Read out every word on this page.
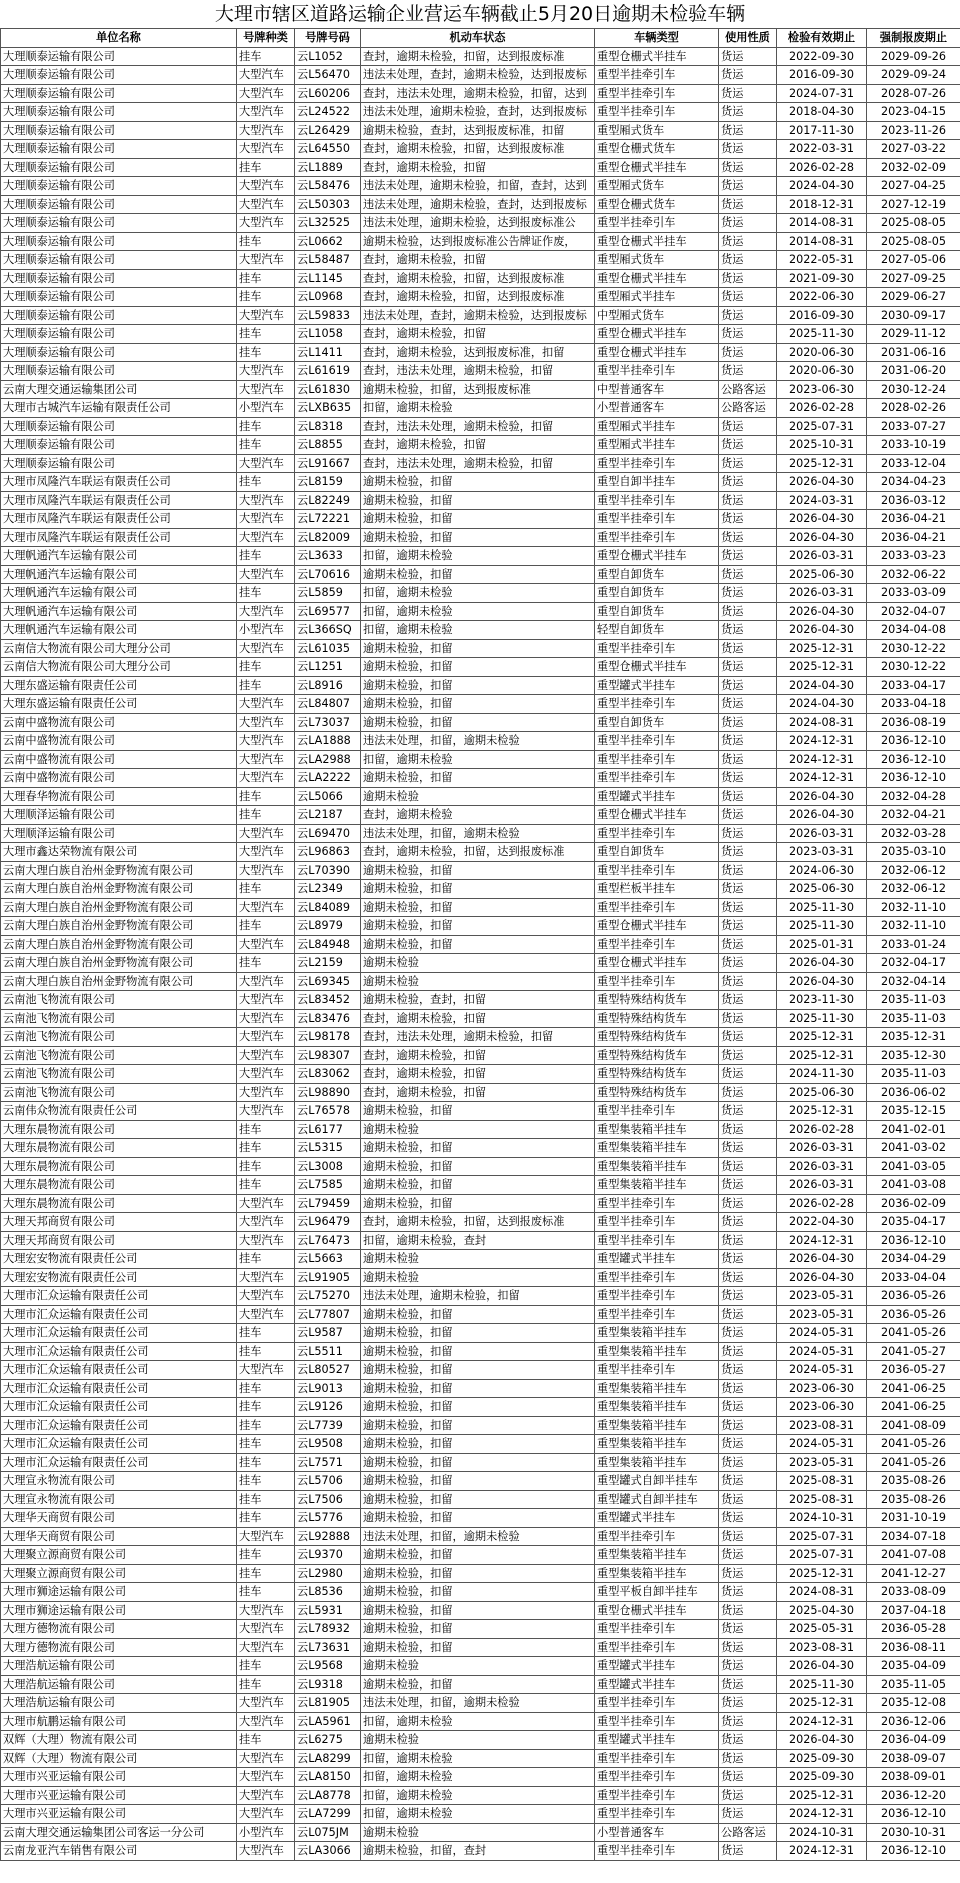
大理市辖区道路运输企业营运车辆截止5月20日逾期未检验车辆
单位名称	号牌种类	号牌号码	机动车状态	车辆类型	使用性质	检验有效期止	强制报废期止
大理顺泰运输有限公司	挂车	云L1052	查封，逾期未检验，扣留，达到报废标准	重型仓栅式半挂车	货运	2022-09-30	2029-09-26
大理顺泰运输有限公司	大型汽车	云L56470	违法未处理，查封，逾期未检验，达到报废标	重型半挂牵引车	货运	2016-09-30	2029-09-24
大理顺泰运输有限公司	大型汽车	云L60206	查封，违法未处理，逾期未检验，扣留，达到	重型半挂牵引车	货运	2024-07-31	2028-07-26
大理顺泰运输有限公司	大型汽车	云L24522	违法未处理，逾期未检验，查封，达到报废标	重型半挂牵引车	货运	2018-04-30	2023-04-15
大理顺泰运输有限公司	大型汽车	云L26429	逾期未检验，查封，达到报废标准，扣留	重型厢式货车	货运	2017-11-30	2023-11-26
大理顺泰运输有限公司	大型汽车	云L64550	查封，逾期未检验，扣留，达到报废标准	重型仓栅式货车	货运	2022-03-31	2027-03-22
大理顺泰运输有限公司	挂车	云L1889	查封，逾期未检验，扣留	重型仓栅式半挂车	货运	2026-02-28	2032-02-09
大理顺泰运输有限公司	大型汽车	云L58476	违法未处理，逾期未检验，扣留，查封，达到	重型厢式货车	货运	2024-04-30	2027-04-25
大理顺泰运输有限公司	大型汽车	云L50303	违法未处理，逾期未检验，查封，达到报废标	重型仓栅式货车	货运	2018-12-31	2027-12-19
大理顺泰运输有限公司	大型汽车	云L32525	违法未处理，逾期未检验，达到报废标准公	重型半挂牵引车	货运	2014-08-31	2025-08-05
大理顺泰运输有限公司	挂车	云L0662	逾期未检验，达到报废标准公告牌证作废，	重型仓栅式半挂车	货运	2014-08-31	2025-08-05
大理顺泰运输有限公司	大型汽车	云L58487	查封，逾期未检验，扣留	重型厢式货车	货运	2022-05-31	2027-05-06
大理顺泰运输有限公司	挂车	云L1145	查封，逾期未检验，扣留，达到报废标准	重型仓栅式半挂车	货运	2021-09-30	2027-09-25
大理顺泰运输有限公司	挂车	云L0968	查封，逾期未检验，扣留，达到报废标准	重型厢式半挂车	货运	2022-06-30	2029-06-27
大理顺泰运输有限公司	大型汽车	云L59833	违法未处理，查封，逾期未检验，达到报废标	中型厢式货车	货运	2016-09-30	2030-09-17
大理顺泰运输有限公司	挂车	云L1058	查封，逾期未检验，扣留	重型仓栅式半挂车	货运	2025-11-30	2029-11-12
大理顺泰运输有限公司	挂车	云L1411	查封，逾期未检验，达到报废标准，扣留	重型仓栅式半挂车	货运	2020-06-30	2031-06-16
大理顺泰运输有限公司	大型汽车	云L61619	查封，违法未处理，逾期未检验，扣留	重型半挂牵引车	货运	2020-06-30	2031-06-20
云南大理交通运输集团公司	大型汽车	云L61830	逾期未检验，扣留，达到报废标准	中型普通客车	公路客运	2023-06-30	2030-12-24
大理市古城汽车运输有限责任公司	小型汽车	云LXB635	扣留，逾期未检验	小型普通客车	公路客运	2026-02-28	2028-02-26
大理顺泰运输有限公司	挂车	云L8318	查封，违法未处理，逾期未检验，扣留	重型厢式半挂车	货运	2025-07-31	2033-07-27
大理顺泰运输有限公司	挂车	云L8855	查封，逾期未检验，扣留	重型厢式半挂车	货运	2025-10-31	2033-10-19
大理顺泰运输有限公司	大型汽车	云L91667	查封，违法未处理，逾期未检验，扣留	重型半挂牵引车	货运	2025-12-31	2033-12-04
大理市凤隆汽车联运有限责任公司	挂车	云L8159	逾期未检验，扣留	重型自卸半挂车	货运	2026-04-30	2034-04-23
大理市凤隆汽车联运有限责任公司	大型汽车	云L82249	逾期未检验，扣留	重型半挂牵引车	货运	2024-03-31	2036-03-12
大理市凤隆汽车联运有限责任公司	大型汽车	云L72221	逾期未检验，扣留	重型半挂牵引车	货运	2026-04-30	2036-04-21
大理市凤隆汽车联运有限责任公司	大型汽车	云L82009	逾期未检验，扣留	重型半挂牵引车	货运	2026-04-30	2036-04-21
大理帆通汽车运输有限公司	挂车	云L3633	扣留，逾期未检验	重型仓栅式半挂车	货运	2026-03-31	2033-03-23
大理帆通汽车运输有限公司	大型汽车	云L70616	逾期未检验，扣留	重型自卸货车	货运	2025-06-30	2032-06-22
大理帆通汽车运输有限公司	挂车	云L5859	扣留，逾期未检验	重型自卸货车	货运	2026-03-31	2033-03-09
大理帆通汽车运输有限公司	大型汽车	云L69577	扣留，逾期未检验	重型自卸货车	货运	2026-04-30	2032-04-07
大理帆通汽车运输有限公司	小型汽车	云L366SQ	扣留，逾期未检验	轻型自卸货车	货运	2026-04-30	2034-04-08
云南信大物流有限公司大理分公司	大型汽车	云L61035	逾期未检验，扣留	重型半挂牵引车	货运	2025-12-31	2030-12-22
云南信大物流有限公司大理分公司	挂车	云L1251	逾期未检验，扣留	重型仓栅式半挂车	货运	2025-12-31	2030-12-22
大理东盛运输有限责任公司	挂车	云L8916	逾期未检验，扣留	重型罐式半挂车	货运	2024-04-30	2033-04-17
大理东盛运输有限责任公司	大型汽车	云L84807	逾期未检验，扣留	重型半挂牵引车	货运	2024-04-30	2033-04-18
云南中盛物流有限公司	大型汽车	云L73037	逾期未检验，扣留	重型自卸货车	货运	2024-08-31	2036-08-19
云南中盛物流有限公司	大型汽车	云LA1888	违法未处理，扣留，逾期未检验	重型半挂牵引车	货运	2024-12-31	2036-12-10
云南中盛物流有限公司	大型汽车	云LA2988	扣留，逾期未检验	重型半挂牵引车	货运	2024-12-31	2036-12-10
云南中盛物流有限公司	大型汽车	云LA2222	逾期未检验，扣留	重型半挂牵引车	货运	2024-12-31	2036-12-10
大理春华物流有限公司	挂车	云L5066	逾期未检验	重型罐式半挂车	货运	2026-04-30	2032-04-28
大理顺泽运输有限公司	挂车	云L2187	查封，逾期未检验	重型仓栅式半挂车	货运	2026-04-30	2032-04-21
大理顺泽运输有限公司	大型汽车	云L69470	违法未处理，扣留，逾期未检验	重型半挂牵引车	货运	2026-03-31	2032-03-28
大理市鑫达荣物流有限公司	大型汽车	云L96863	查封，逾期未检验，扣留，达到报废标准	重型自卸货车	货运	2023-03-31	2035-03-10
云南大理白族自治州金野物流有限公司	大型汽车	云L70390	逾期未检验，扣留	重型半挂牵引车	货运	2024-06-30	2032-06-12
云南大理白族自治州金野物流有限公司	挂车	云L2349	逾期未检验，扣留	重型栏板半挂车	货运	2025-06-30	2032-06-12
云南大理白族自治州金野物流有限公司	大型汽车	云L84089	逾期未检验，扣留	重型半挂牵引车	货运	2025-11-30	2032-11-10
云南大理白族自治州金野物流有限公司	挂车	云L8979	逾期未检验，扣留	重型仓栅式半挂车	货运	2025-11-30	2032-11-10
云南大理白族自治州金野物流有限公司	大型汽车	云L84948	逾期未检验，扣留	重型半挂牵引车	货运	2025-01-31	2033-01-24
云南大理白族自治州金野物流有限公司	挂车	云L2159	逾期未检验	重型仓栅式半挂车	货运	2026-04-30	2032-04-17
云南大理白族自治州金野物流有限公司	大型汽车	云L69345	逾期未检验	重型半挂牵引车	货运	2026-04-30	2032-04-14
云南池飞物流有限公司	大型汽车	云L83452	逾期未检验，查封，扣留	重型特殊结构货车	货运	2023-11-30	2035-11-03
云南池飞物流有限公司	大型汽车	云L83476	查封，逾期未检验，扣留	重型特殊结构货车	货运	2025-11-30	2035-11-03
云南池飞物流有限公司	大型汽车	云L98178	查封，违法未处理，逾期未检验，扣留	重型特殊结构货车	货运	2025-12-31	2035-12-31
云南池飞物流有限公司	大型汽车	云L98307	查封，逾期未检验，扣留	重型特殊结构货车	货运	2025-12-31	2035-12-30
云南池飞物流有限公司	大型汽车	云L83062	查封，逾期未检验，扣留	重型特殊结构货车	货运	2024-11-30	2035-11-03
云南池飞物流有限公司	大型汽车	云L98890	查封，逾期未检验，扣留	重型特殊结构货车	货运	2025-06-30	2036-06-02
云南伟众物流有限责任公司	大型汽车	云L76578	逾期未检验，扣留	重型半挂牵引车	货运	2025-12-31	2035-12-15
大理东晨物流有限公司	挂车	云L6177	逾期未检验	重型集装箱半挂车	货运	2026-02-28	2041-02-01
大理东晨物流有限公司	挂车	云L5315	逾期未检验，扣留	重型集装箱半挂车	货运	2026-03-31	2041-03-02
大理东晨物流有限公司	挂车	云L3008	逾期未检验，扣留	重型集装箱半挂车	货运	2026-03-31	2041-03-05
大理东晨物流有限公司	挂车	云L7585	逾期未检验，扣留	重型集装箱半挂车	货运	2026-03-31	2041-03-08
大理东晨物流有限公司	大型汽车	云L79459	逾期未检验，扣留	重型半挂牵引车	货运	2026-02-28	2036-02-09
大理天邦商贸有限公司	大型汽车	云L96479	查封，逾期未检验，扣留，达到报废标准	重型半挂牵引车	货运	2022-04-30	2035-04-17
大理天邦商贸有限公司	大型汽车	云L76473	扣留，逾期未检验，查封	重型半挂牵引车	货运	2024-12-31	2036-12-10
大理宏安物流有限责任公司	挂车	云L5663	逾期未检验	重型罐式半挂车	货运	2026-04-30	2034-04-29
大理宏安物流有限责任公司	大型汽车	云L91905	逾期未检验	重型半挂牵引车	货运	2026-04-30	2033-04-04
大理市汇众运输有限责任公司	大型汽车	云L75270	违法未处理，逾期未检验，扣留	重型半挂牵引车	货运	2023-05-31	2036-05-26
大理市汇众运输有限责任公司	大型汽车	云L77807	逾期未检验，扣留	重型半挂牵引车	货运	2023-05-31	2036-05-26
大理市汇众运输有限责任公司	挂车	云L9587	逾期未检验，扣留	重型集装箱半挂车	货运	2024-05-31	2041-05-26
大理市汇众运输有限责任公司	挂车	云L5511	逾期未检验，扣留	重型集装箱半挂车	货运	2024-05-31	2041-05-27
大理市汇众运输有限责任公司	大型汽车	云L80527	逾期未检验，扣留	重型半挂牵引车	货运	2024-05-31	2036-05-27
大理市汇众运输有限责任公司	挂车	云L9013	逾期未检验，扣留	重型集装箱半挂车	货运	2023-06-30	2041-06-25
大理市汇众运输有限责任公司	挂车	云L9126	逾期未检验，扣留	重型集装箱半挂车	货运	2023-06-30	2041-06-25
大理市汇众运输有限责任公司	挂车	云L7739	逾期未检验，扣留	重型集装箱半挂车	货运	2023-08-31	2041-08-09
大理市汇众运输有限责任公司	挂车	云L9508	逾期未检验，扣留	重型集装箱半挂车	货运	2024-05-31	2041-05-26
大理市汇众运输有限责任公司	挂车	云L7571	逾期未检验，扣留	重型集装箱半挂车	货运	2023-05-31	2041-05-26
大理宣永物流有限公司	挂车	云L5706	逾期未检验，扣留	重型罐式自卸半挂车	货运	2025-08-31	2035-08-26
大理宣永物流有限公司	挂车	云L7506	逾期未检验，扣留	重型罐式自卸半挂车	货运	2025-08-31	2035-08-26
大理华天商贸有限公司	挂车	云L5776	逾期未检验，扣留	重型罐式半挂车	货运	2024-10-31	2031-10-19
大理华天商贸有限公司	大型汽车	云L92888	违法未处理，扣留，逾期未检验	重型半挂牵引车	货运	2025-07-31	2034-07-18
大理聚立源商贸有限公司	挂车	云L9370	逾期未检验，扣留	重型集装箱半挂车	货运	2025-07-31	2041-07-08
大理聚立源商贸有限公司	挂车	云L2980	逾期未检验，扣留	重型集装箱半挂车	货运	2025-12-31	2041-12-27
大理市狮途运输有限公司	挂车	云L8536	逾期未检验，扣留	重型平板自卸半挂车	货运	2024-08-31	2033-08-09
大理市狮途运输有限公司	大型汽车	云L5931	逾期未检验，扣留	重型仓栅式半挂车	货运	2025-04-30	2037-04-18
大理方德物流有限公司	大型汽车	云L78932	逾期未检验，扣留	重型半挂牵引车	货运	2025-05-31	2036-05-28
大理方德物流有限公司	大型汽车	云L73631	逾期未检验，扣留	重型半挂牵引车	货运	2023-08-31	2036-08-11
大理浩航运输有限公司	挂车	云L9568	逾期未检验	重型罐式半挂车	货运	2026-04-30	2035-04-09
大理浩航运输有限公司	挂车	云L9318	逾期未检验，扣留	重型罐式半挂车	货运	2025-11-30	2035-11-05
大理浩航运输有限公司	大型汽车	云L81905	违法未处理，扣留，逾期未检验	重型半挂牵引车	货运	2025-12-31	2035-12-08
大理市航鹏运输有限公司	大型汽车	云LA5961	扣留，逾期未检验	重型半挂牵引车	货运	2024-12-31	2036-12-06
双辉（大理）物流有限公司	挂车	云L6275	逾期未检验	重型罐式半挂车	货运	2026-04-30	2036-04-09
双辉（大理）物流有限公司	大型汽车	云LA8299	扣留，逾期未检验	重型半挂牵引车	货运	2025-09-30	2038-09-07
大理市兴亚运输有限公司	大型汽车	云LA8150	扣留，逾期未检验	重型半挂牵引车	货运	2025-09-30	2038-09-01
大理市兴亚运输有限公司	大型汽车	云LA8778	扣留，逾期未检验	重型半挂牵引车	货运	2025-12-31	2036-12-20
大理市兴亚运输有限公司	大型汽车	云LA7299	扣留，逾期未检验	重型半挂牵引车	货运	2024-12-31	2036-12-10
云南大理交通运输集团公司客运一分公司	小型汽车	云L075JM	逾期未检验	小型普通客车	公路客运	2024-10-31	2030-10-31
云南龙亚汽车销售有限公司	大型汽车	云LA3066	逾期未检验，扣留，查封	重型半挂牵引车	货运	2024-12-31	2036-12-10
